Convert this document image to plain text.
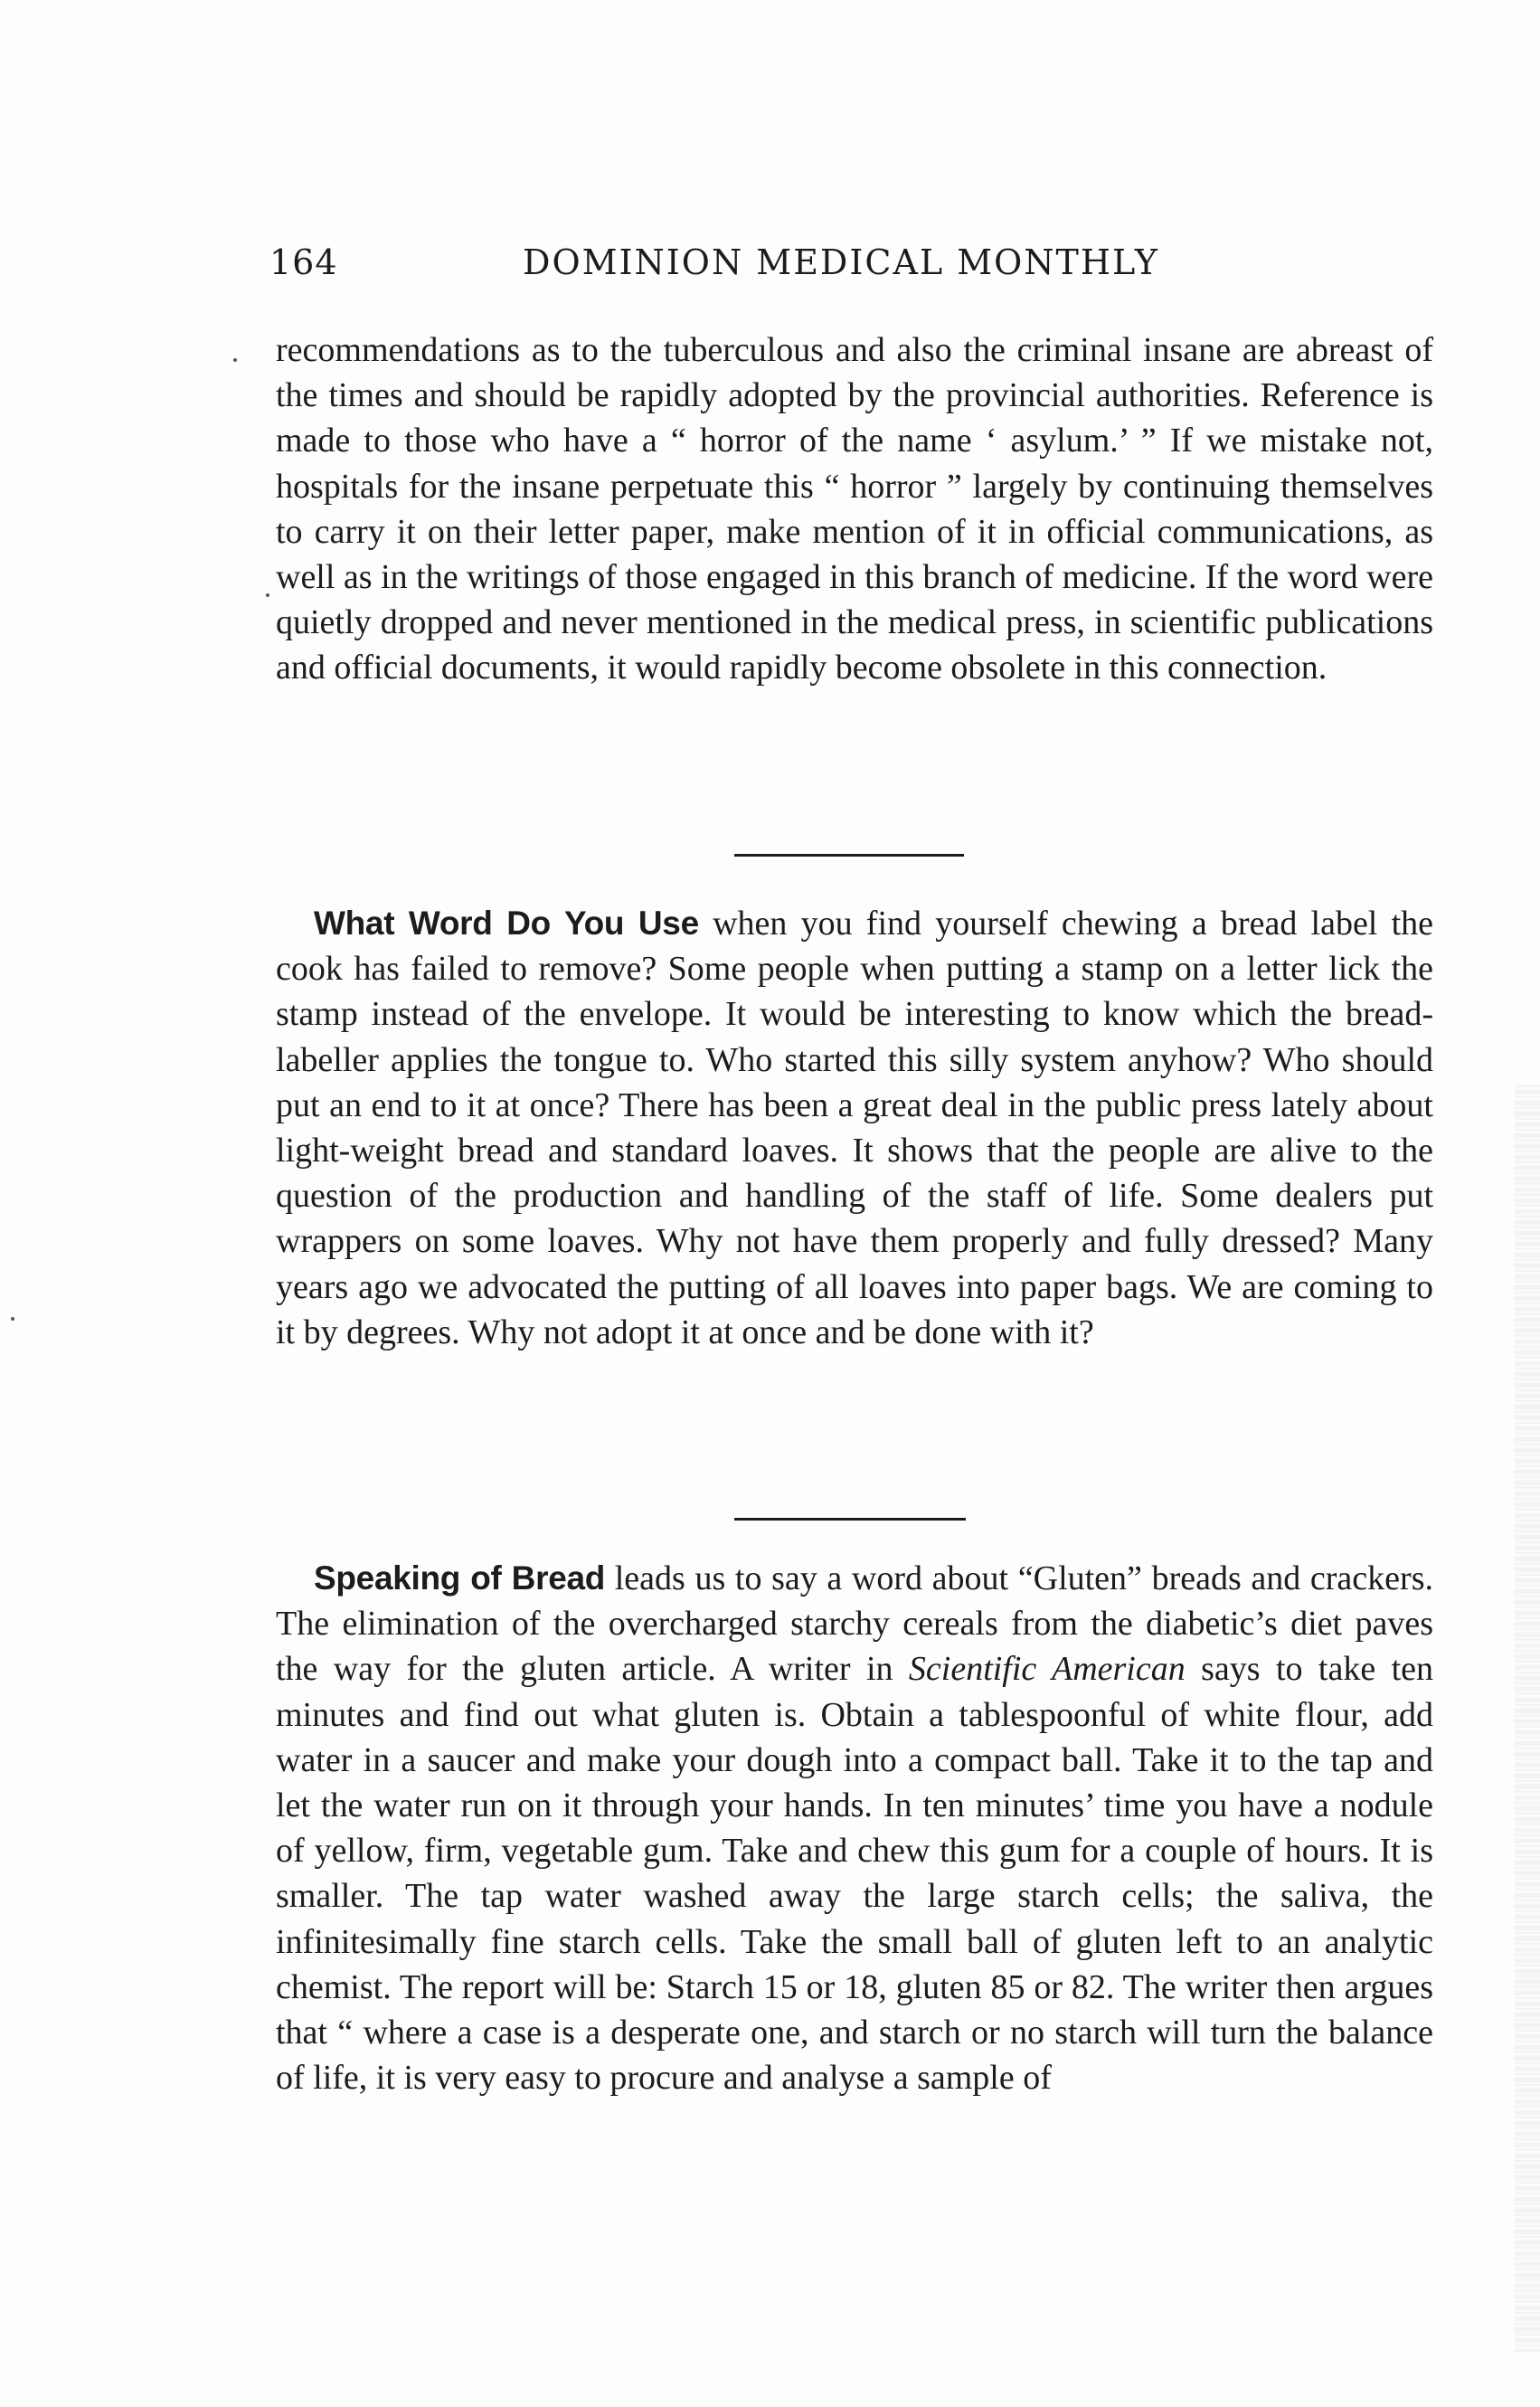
164	DOMINION MEDICAL MONTHLY

recommendations as to the tuberculous and also the criminal insane are abreast of the times and should be rapidly adopted by the provincial authorities. Reference is made to those who have a “ horror of the name ‘ asylum.’ ” If we mistake not, hospitals for the insane perpetuate this “ horror ” largely by continuing themselves to carry it on their letter paper, make mention of it in official communications, as well as in the writings of those engaged in this branch of medicine. If the word were quietly dropped and never mentioned in the medical press, in scientific publications and official documents, it would rapidly become obsolete in this connection.

What Word Do You Use when you find yourself chewing a bread label the cook has failed to remove? Some people when putting a stamp on a letter lick the stamp instead of the envelope. It would be interesting to know which the bread-labeller applies the tongue to. Who started this silly system anyhow? Who should put an end to it at once? There has been a great deal in the public press lately about light-weight bread and standard loaves. It shows that the people are alive to the question of the production and handling of the staff of life. Some dealers put wrappers on some loaves. Why not have them properly and fully dressed? Many years ago we advocated the putting of all loaves into paper bags. We are coming to it by degrees. Why not adopt it at once and be done with it?

Speaking of Bread leads us to say a word about “Gluten” breads and crackers. The elimination of the overcharged starchy cereals from the diabetic’s diet paves the way for the gluten article. A writer in Scientific American says to take ten minutes and find out what gluten is. Obtain a tablespoonful of white flour, add water in a saucer and make your dough into a compact ball. Take it to the tap and let the water run on it through your hands. In ten minutes’ time you have a nodule of yellow, firm, vegetable gum. Take and chew this gum for a couple of hours. It is smaller. The tap water washed away the large starch cells; the saliva, the infinitesimally fine starch cells. Take the small ball of gluten left to an analytic chemist. The report will be: Starch 15 or 18, gluten 85 or 82. The writer then argues that “ where a case is a desperate one, and starch or no starch will turn the balance of life, it is very easy to procure and analyse a sample of
